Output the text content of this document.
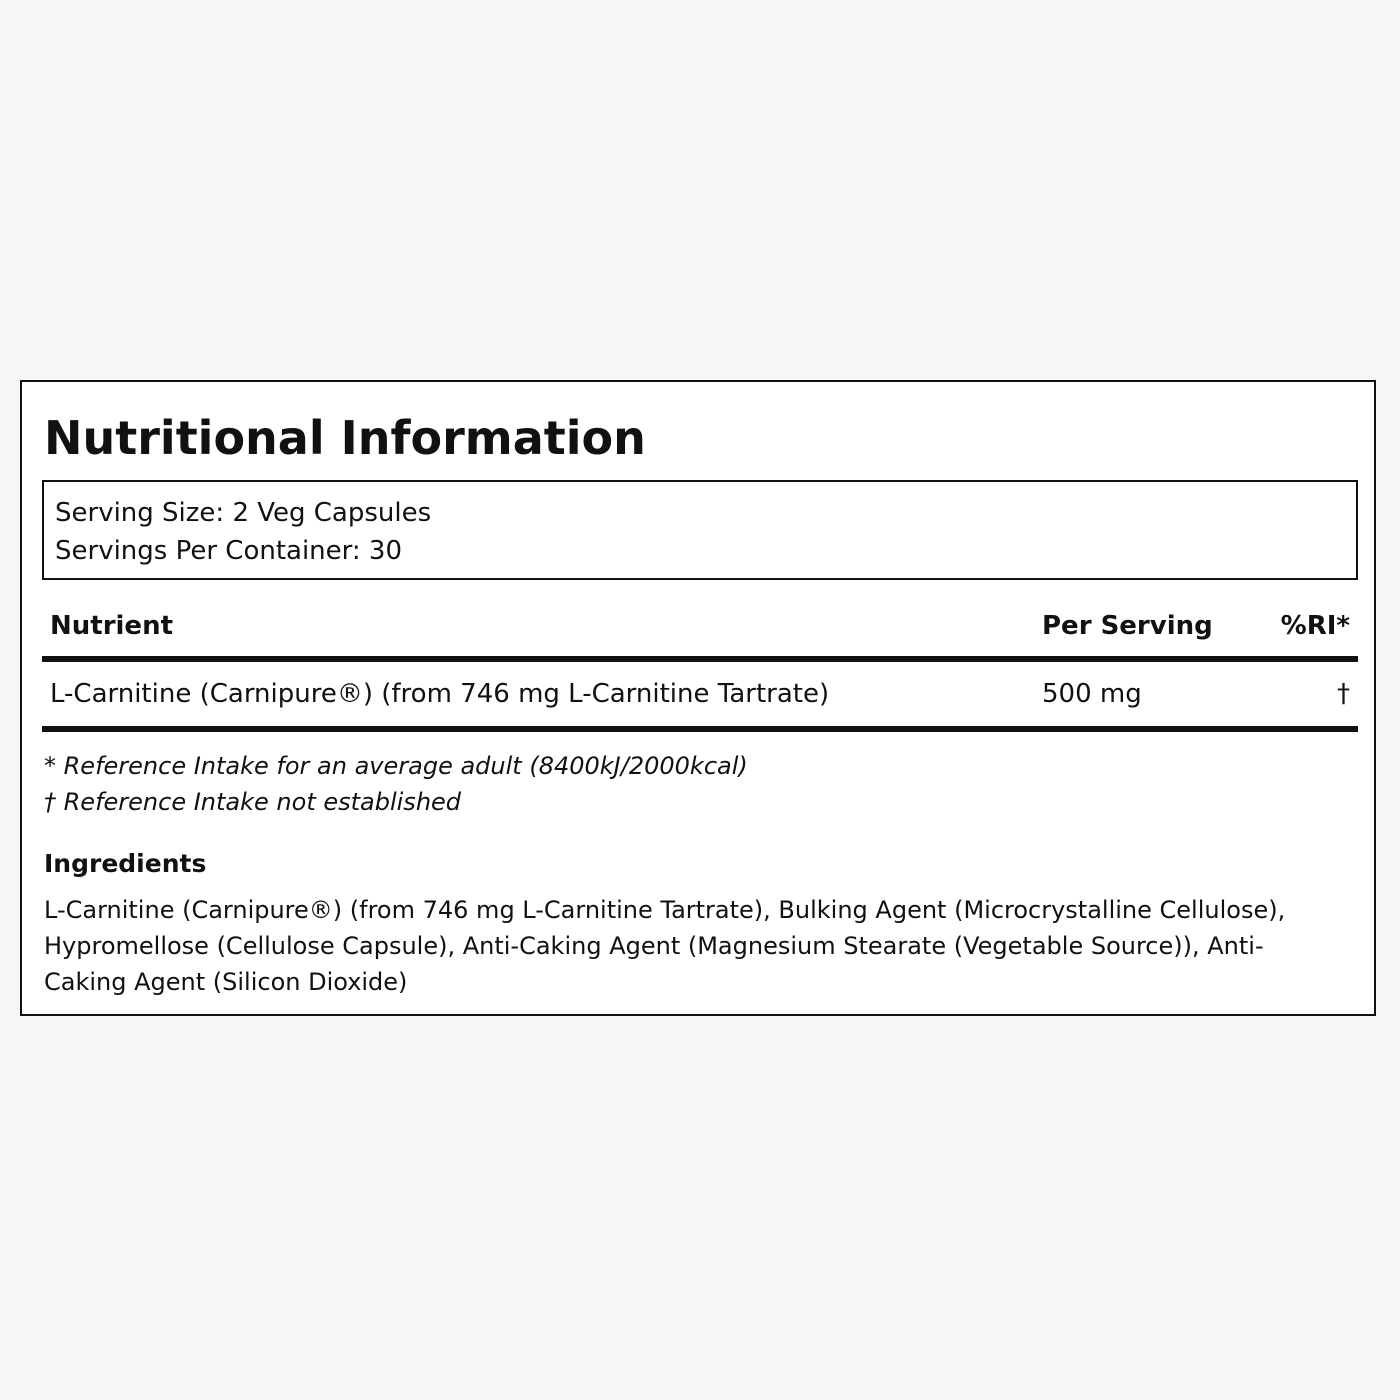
Nutritional Information
Serving Size: 2 Veg Capsules
Servings Per Container: 30
Nutrient	Per Serving	%RI*
L-Carnitine (Carnipure®) (from 746 mg L-Carnitine Tartrate)	500 mg	†
* Reference Intake for an average adult (8400kJ/2000kcal)
† Reference Intake not established
Ingredients
L-Carnitine (Carnipure®) (from 746 mg L-Carnitine Tartrate), Bulking Agent (Microcrystalline Cellulose), Hypromellose (Cellulose Capsule), Anti-Caking Agent (Magnesium Stearate (Vegetable Source)), Anti-Caking Agent (Silicon Dioxide)
